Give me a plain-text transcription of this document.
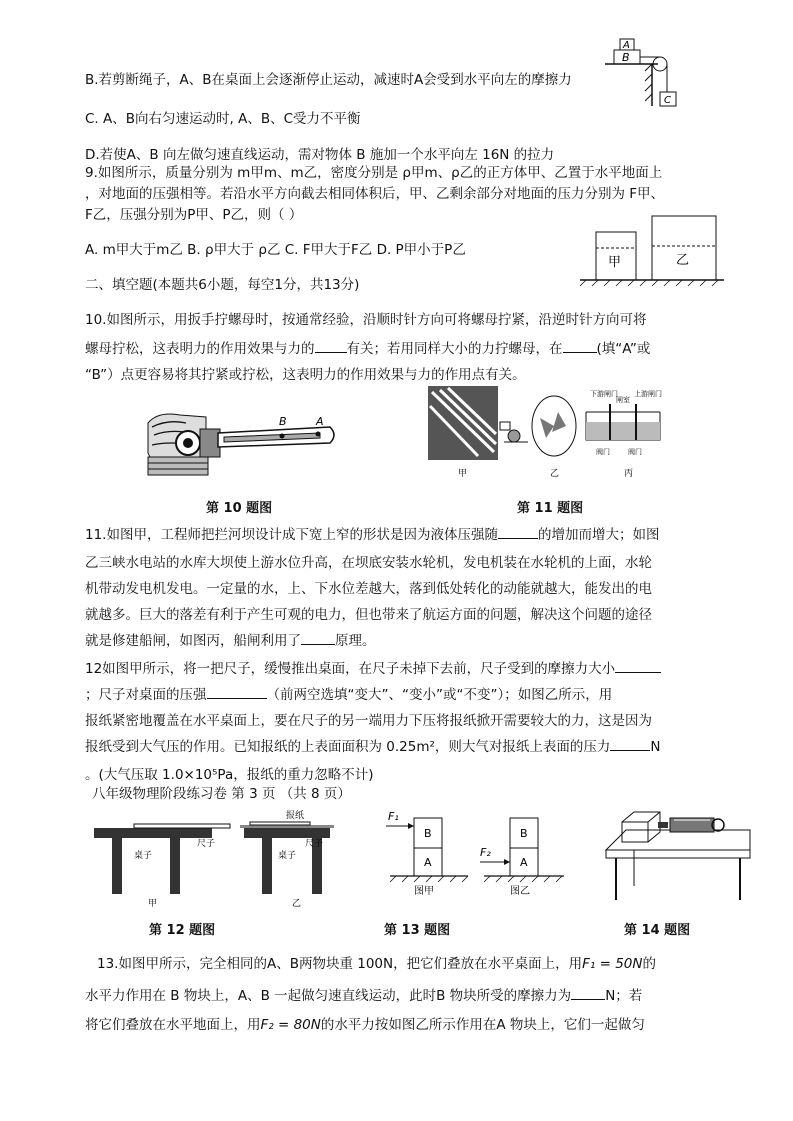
A
B
C
B.若剪断绳子，A、B在桌面上会逐渐停止运动，减速时A会受到水平向左的摩擦力
C. A、B向右匀速运动时, A、B、C受力不平衡
D.若使A、B 向左做匀速直线运动，需对物体 B 施加一个水平向左 16N 的拉力
9.如图所示，质量分别为 m甲m、m乙，密度分别是 ρ甲m、ρ乙的正方体甲、乙置于水平地面上
，对地面的压强相等。若沿水平方向截去相同体积后，甲、乙剩余部分对地面的压力分别为 F甲、
F乙，压强分别为P甲、P乙，则（ ）
A. m甲大于m乙 B. ρ甲大于 ρ乙 C. F甲大于F乙 D. P甲小于P乙
甲	乙
二、填空题(本题共6小题，每空1分，共13分)
10.如图所示，用扳手拧螺母时，按通常经验，沿顺时针方向可将螺母拧紧，沿逆时针方向可将
螺母拧松，这表明力的作用效果与力的 有关；若用同样大小的力拧螺母，在	(填“A”或
“B”）点更容易将其拧紧或拧松，这表明力的作用效果与力的作用点有关。
B	A
第 10 题图
甲	乙
下游闸门
闸室
上游闸门
阀门	阀门
丙
第 11 题图
11.如图甲，工程师把拦河坝设计成下宽上窄的形状是因为液体压强随	的增加而增大；如图
乙三峡水电站的水库大坝使上游水位升高，在坝底安装水轮机，发电机装在水轮机的上面，水轮
机带动发电机发电。一定量的水，上、下水位差越大，落到低处转化的动能就越大，能发出的电
就越多。巨大的落差有利于产生可观的电力，但也带来了航运方面的问题，解决这个问题的途径
就是修建船闸，如图丙，船闸利用了	原理。
12如图甲所示，将一把尺子，缓慢推出桌面，在尺子未掉下去前，尺子受到的摩擦力大小
；尺子对桌面的压强	（前两空选填“变大”、“变小”或“不变”）；如图乙所示，用
报纸紧密地覆盖在水平桌面上，要在尺子的另一端用力下压将报纸掀开需要较大的力，这是因为
报纸受到大气压的作用。已知报纸的上表面面积为 0.25m²，则大气对报纸上表面的压力	N
。(大气压取 1.0×10⁵Pa，报纸的重力忽略不计)
八年级物理阶段练习卷 第 3 页 （共 8 页）
尺子
桌子
甲
报纸
尺子
桌子
乙
第 12 题图
F₁
B
A
图甲
F₂
B
A
图乙
第 13 题图	第 14 题图
13.如图甲所示，完全相同的A、B两物块重 100N，把它们叠放在水平桌面上，用F₁ = 50N的
水平力作用在 B 物块上，A、B 一起做匀速直线运动，此时B 物块所受的摩擦力为	N；若
将它们叠放在水平地面上，用F₂ = 80N的水平力按如图乙所示作用在A 物块上，它们一起做匀
